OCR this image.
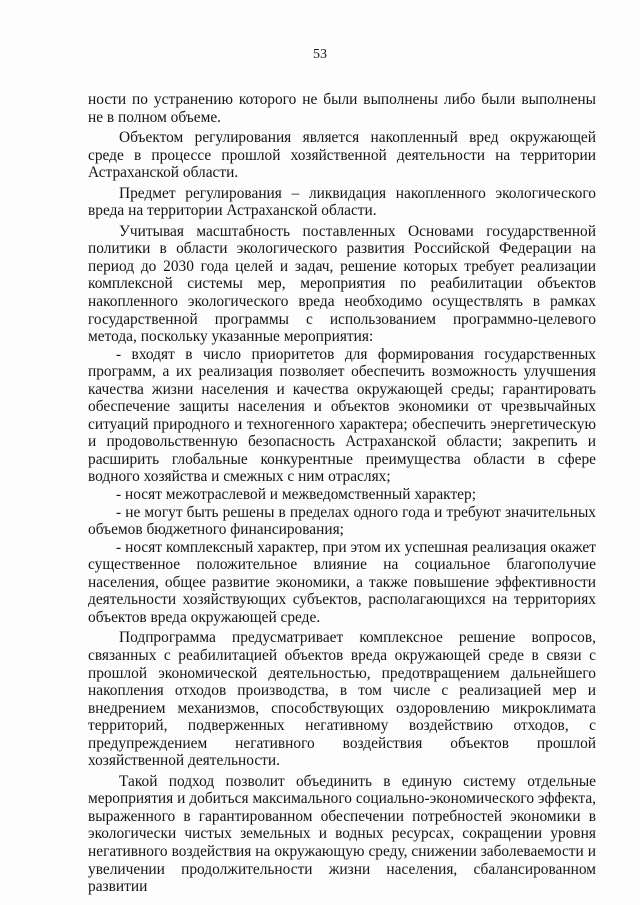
53

ности по устранению которого не были выполнены либо были выполнены не в полном объеме.

Объектом регулирования является накопленный вред окружающей среде в процессе прошлой хозяйственной деятельности на территории Астраханской области.

Предмет регулирования – ликвидация накопленного экологического вреда на территории Астраханской области.

Учитывая масштабность поставленных Основами государственной политики в области экологического развития Российской Федерации на период до 2030 года целей и задач, решение которых требует реализации комплексной системы мер, мероприятия по реабилитации объектов накопленного экологического вреда необходимо осуществлять в рамках государственной программы с использованием программно-целевого метода, поскольку указанные мероприятия:

- входят в число приоритетов для формирования государственных программ, а их реализация позволяет обеспечить возможность улучшения качества жизни населения и качества окружающей среды; гарантировать обеспечение защиты населения и объектов экономики от чрезвычайных ситуаций природного и техногенного характера; обеспечить энергетическую и продовольственную безопасность Астраханской области; закрепить и расширить глобальные конкурентные преимущества области в сфере водного хозяйства и смежных с ним отраслях;

- носят межотраслевой и межведомственный характер;

- не могут быть решены в пределах одного года и требуют значительных объемов бюджетного финансирования;

- носят комплексный характер, при этом их успешная реализация окажет существенное положительное влияние на социальное благополучие населения, общее развитие экономики, а также повышение эффективности деятельности хозяйствующих субъектов, располагающихся на территориях объектов вреда окружающей среде.

Подпрограмма предусматривает комплексное решение вопросов, связанных с реабилитацией объектов вреда окружающей среде в связи с прошлой экономической деятельностью, предотвращением дальнейшего накопления отходов производства, в том числе с реализацией мер и внедрением механизмов, способствующих оздоровлению микроклимата территорий, подверженных негативному воздействию отходов, с предупреждением негативного воздействия объектов прошлой хозяйственной деятельности.

Такой подход позволит объединить в единую систему отдельные мероприятия и добиться максимального социально-экономического эффекта, выраженного в гарантированном обеспечении потребностей экономики в экологически чистых земельных и водных ресурсах, сокращении уровня негативного воздействия на окружающую среду, снижении заболеваемости и увеличении продолжительности жизни населения, сбалансированном развитии
